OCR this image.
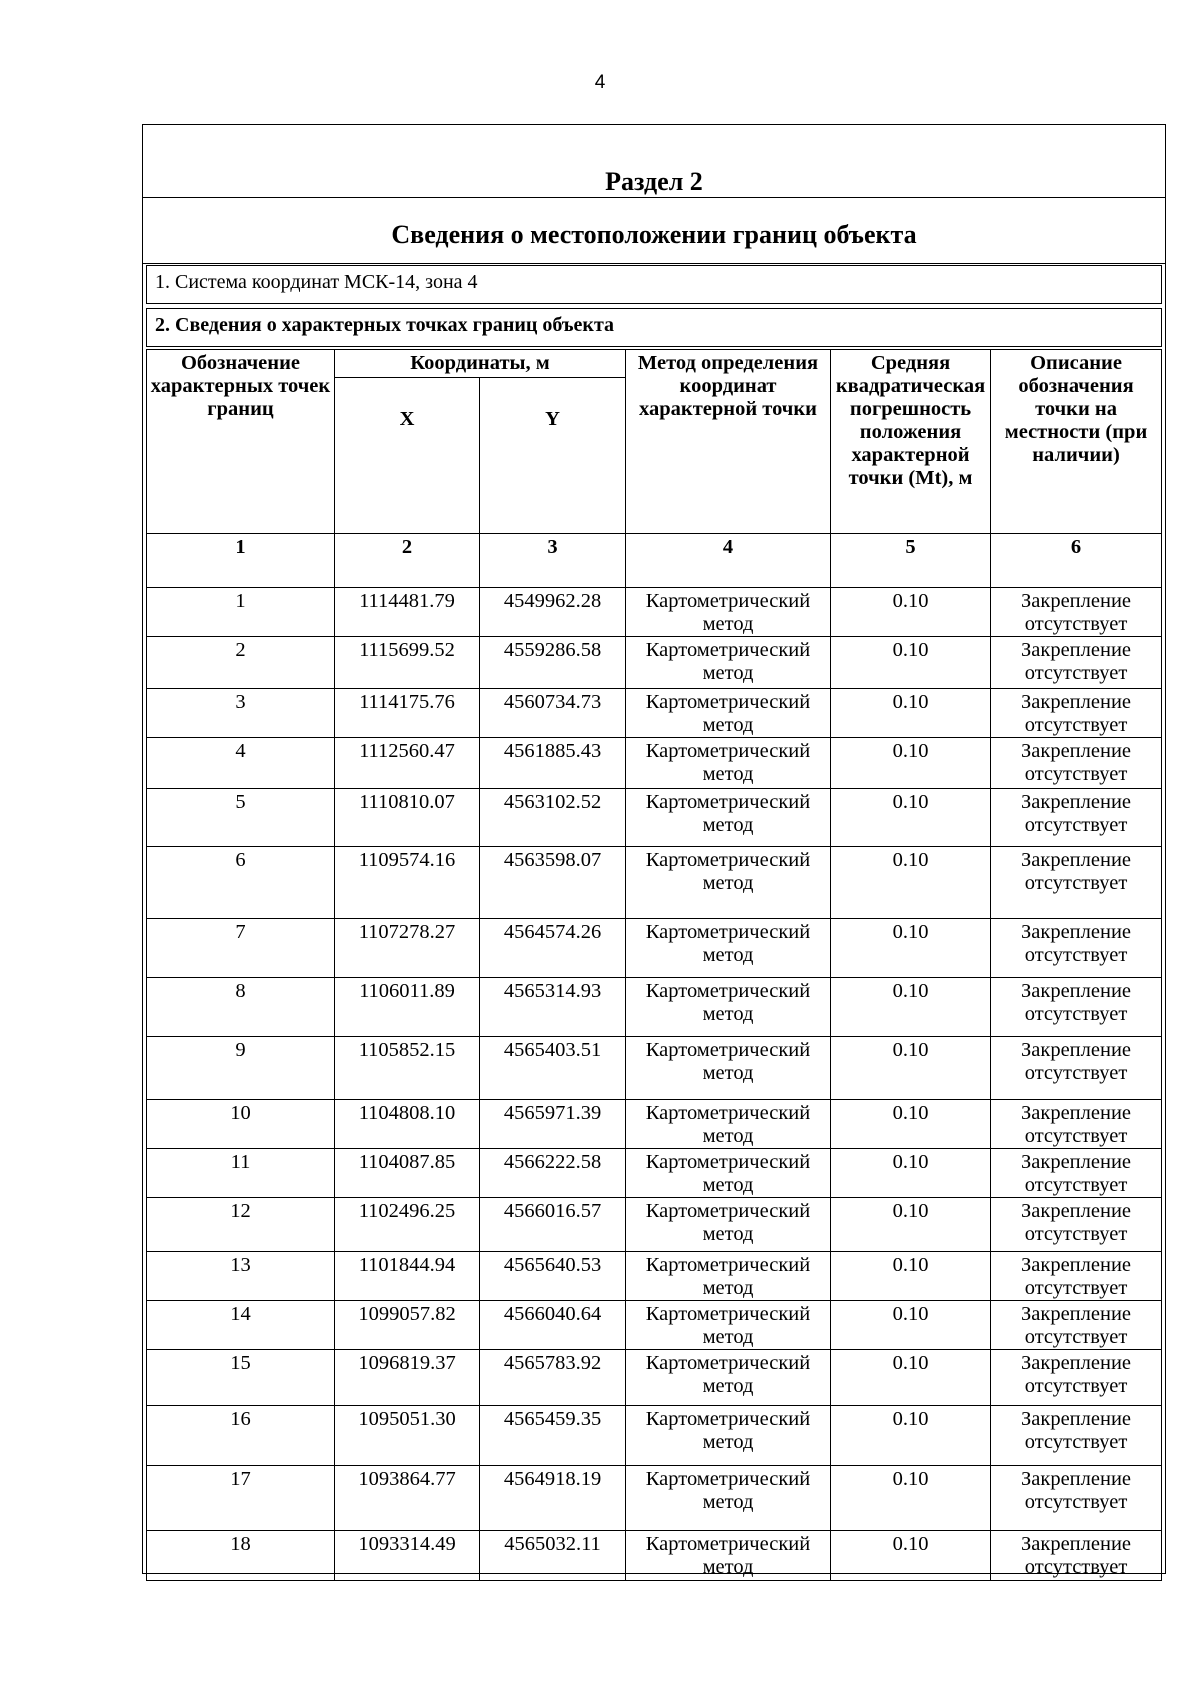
4
Раздел 2
Сведения о местоположении границ объекта
1. Система координат МСК-14, зона 4
2. Сведения о характерных точках границ объекта
Обозначение характерных точек границ	Координаты, м		Метод определения координат характерной точки	Средняя квадратическая погрешность положения характерной точки (Mt), м	Описание обозначения точки на местности (при наличии)
	X	Y			
1	2	3	4	5	6
1	1114481.79	4549962.28	Картометрический метод	0.10	Закрепление отсутствует
2	1115699.52	4559286.58	Картометрический метод	0.10	Закрепление отсутствует
3	1114175.76	4560734.73	Картометрический метод	0.10	Закрепление отсутствует
4	1112560.47	4561885.43	Картометрический метод	0.10	Закрепление отсутствует
5	1110810.07	4563102.52	Картометрический метод	0.10	Закрепление отсутствует
6	1109574.16	4563598.07	Картометрический метод	0.10	Закрепление отсутствует
7	1107278.27	4564574.26	Картометрический метод	0.10	Закрепление отсутствует
8	1106011.89	4565314.93	Картометрический метод	0.10	Закрепление отсутствует
9	1105852.15	4565403.51	Картометрический метод	0.10	Закрепление отсутствует
10	1104808.10	4565971.39	Картометрический метод	0.10	Закрепление отсутствует
11	1104087.85	4566222.58	Картометрический метод	0.10	Закрепление отсутствует
12	1102496.25	4566016.57	Картометрический метод	0.10	Закрепление отсутствует
13	1101844.94	4565640.53	Картометрический метод	0.10	Закрепление отсутствует
14	1099057.82	4566040.64	Картометрический метод	0.10	Закрепление отсутствует
15	1096819.37	4565783.92	Картометрический метод	0.10	Закрепление отсутствует
16	1095051.30	4565459.35	Картометрический метод	0.10	Закрепление отсутствует
17	1093864.77	4564918.19	Картометрический метод	0.10	Закрепление отсутствует
18	1093314.49	4565032.11	Картометрический метод	0.10	Закрепление отсутствует
